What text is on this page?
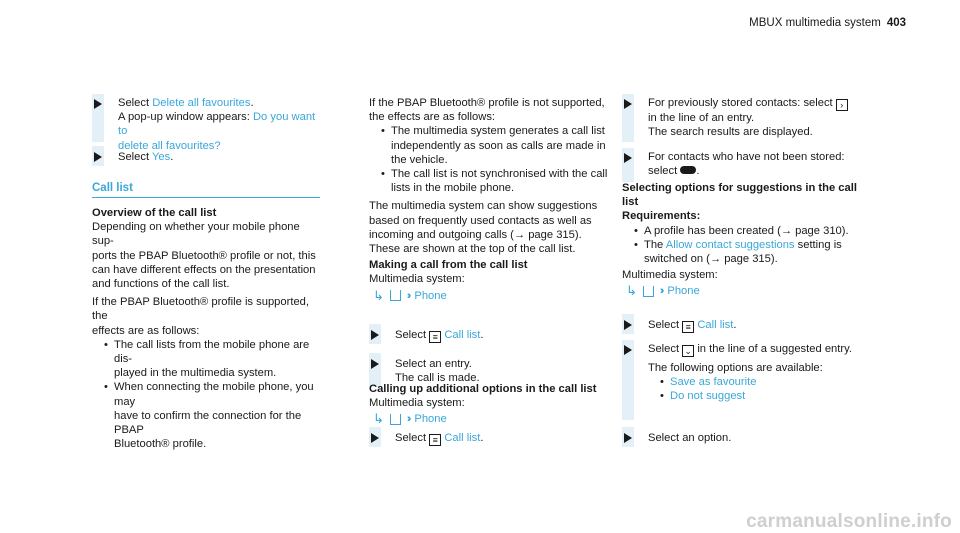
MBUX multimedia system 403
Select Delete all favourites.
A pop-up window appears: Do you want to
delete all favourites?
Select Yes.
Call list
Overview of the call list
Depending on whether your mobile phone sup-
ports the PBAP Bluetooth® profile or not, this
can have different effects on the presentation
and functions of the call list.
If the PBAP Bluetooth® profile is supported, the
effects are as follows:
• The call lists from the mobile phone are dis-
played in the multimedia system.
• When connecting the mobile phone, you may
have to confirm the connection for the PBAP
Bluetooth® profile.
If the PBAP Bluetooth® profile is not supported,
the effects are as follows:
• The multimedia system generates a call list
independently as soon as calls are made in
the vehicle.
• The call list is not synchronised with the call
lists in the mobile phone.
The multimedia system can show suggestions
based on frequently used contacts as well as
incoming and outgoing calls (→ page 315).
These are shown at the top of the call list.
Making a call from the call list
Multimedia system:
↳ ›› Phone
Select ≡ Call list.
Select an entry.
The call is made.
Calling up additional options in the call list
Multimedia system:
↳ ›› Phone
Select ≡ Call list.
For previously stored contacts: select ›
in the line of an entry.
The search results are displayed.
For contacts who have not been stored:
select .
Selecting options for suggestions in the call
list
Requirements:
• A profile has been created (→ page 310).
• The Allow contact suggestions setting is
switched on (→ page 315).
Multimedia system:
↳ ›› Phone
Select ≡ Call list.
Select ⌄ in the line of a suggested entry.
The following options are available:
• Save as favourite
• Do not suggest
Select an option.
carmanualsonline.info
